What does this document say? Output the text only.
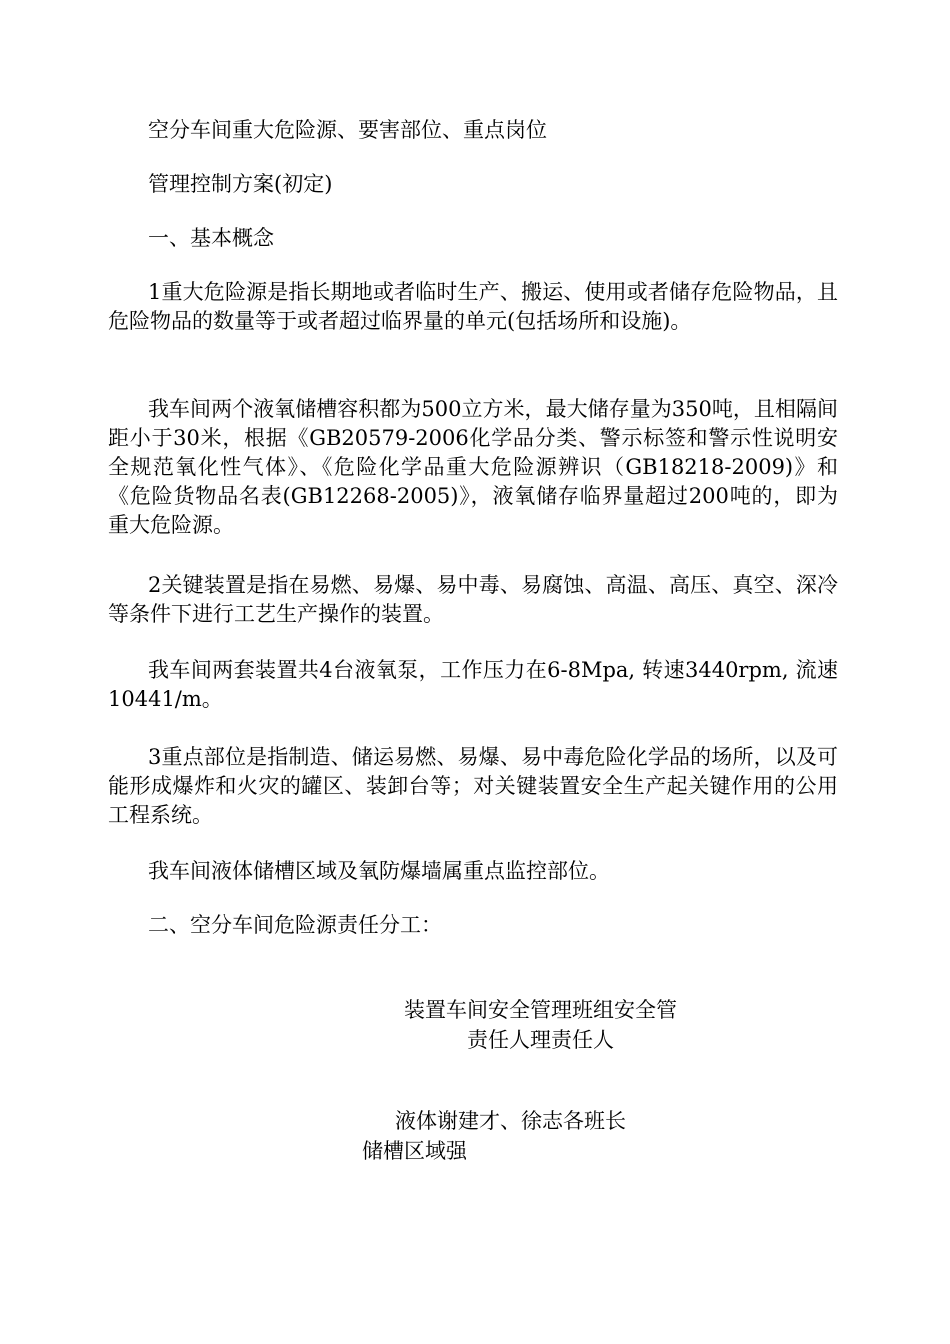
空分车间重大危险源、要害部位、重点岗位
管理控制方案(初定)
一、基本概念

1重大危险源是指长期地或者临时生产、搬运、使用或者储存危险物品，且危险物品的数量等于或者超过临界量的单元(包括场所和设施)。

我车间两个液氧储槽容积都为500立方米，最大储存量为350吨，且相隔间距小于30米，根据《GB20579-2006化学品分类、警示标签和警示性说明安全规范氧化性气体》、《危险化学品重大危险源辨识（GB18218-2009)》和《危险货物品名表(GB12268-2005)》，液氧储存临界量超过200吨的，即为重大危险源。

2关键装置是指在易燃、易爆、易中毒、易腐蚀、高温、高压、真空、深冷等条件下进行工艺生产操作的装置。

我车间两套装置共4台液氧泵，工作压力在6-8Mpa, 转速3440rpm, 流速10441/m。

3重点部位是指制造、储运易燃、易爆、易中毒危险化学品的场所，以及可能形成爆炸和火灾的罐区、装卸台等；对关键装置安全生产起关键作用的公用工程系统。

我车间液体储槽区域及氧防爆墙属重点监控部位。
二、空分车间危险源责任分工：
装置车间安全管理班组安全管
责任人理责任人
液体谢建才、徐志各班长
储槽区域强
